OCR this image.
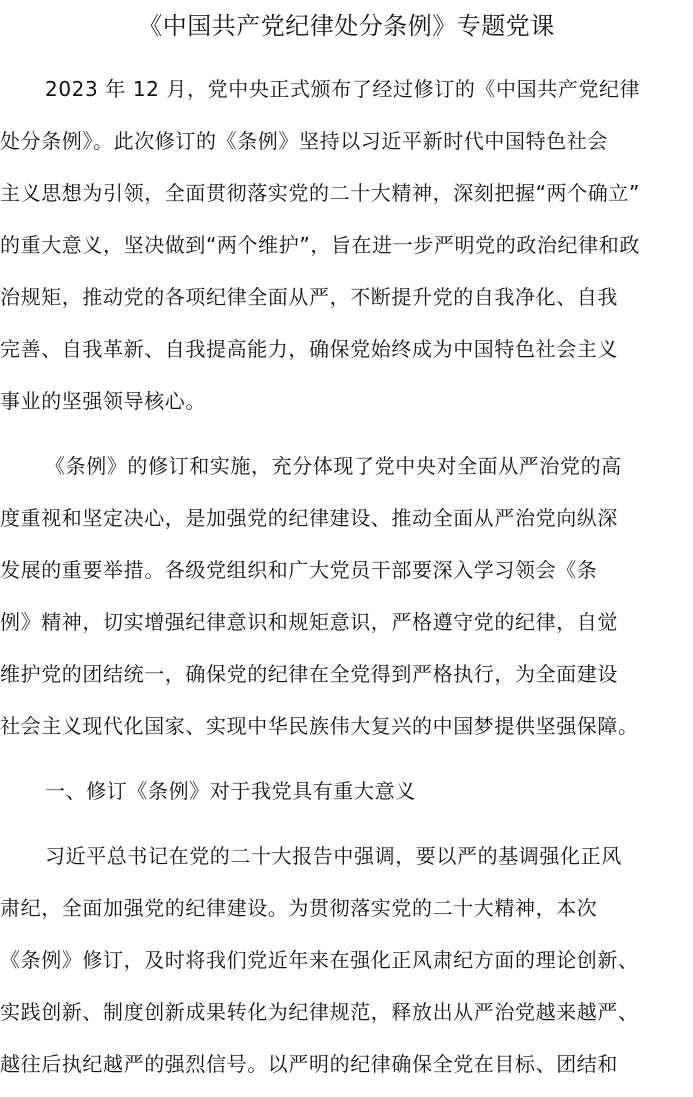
《中国共产党纪律处分条例》专题党课
2023 年 12 月，党中央正式颁布了经过修订的《中国共产党纪律
处分条例》。此次修订的《条例》坚持以习近平新时代中国特色社会
主义思想为引领，全面贯彻落实党的二十大精神，深刻把握“两个确立”
的重大意义，坚决做到“两个维护”，旨在进一步严明党的政治纪律和政
治规矩，推动党的各项纪律全面从严，不断提升党的自我净化、自我
完善、自我革新、自我提高能力，确保党始终成为中国特色社会主义
事业的坚强领导核心。
《条例》的修订和实施，充分体现了党中央对全面从严治党的高
度重视和坚定决心，是加强党的纪律建设、推动全面从严治党向纵深
发展的重要举措。各级党组织和广大党员干部要深入学习领会《条
例》精神，切实增强纪律意识和规矩意识，严格遵守党的纪律，自觉
维护党的团结统一，确保党的纪律在全党得到严格执行，为全面建设
社会主义现代化国家、实现中华民族伟大复兴的中国梦提供坚强保障。
一、修订《条例》对于我党具有重大意义
习近平总书记在党的二十大报告中强调，要以严的基调强化正风
肃纪，全面加强党的纪律建设。为贯彻落实党的二十大精神，本次
《条例》修订，及时将我们党近年来在强化正风肃纪方面的理论创新、
实践创新、制度创新成果转化为纪律规范，释放出从严治党越来越严、
越往后执纪越严的强烈信号。以严明的纪律确保全党在目标、团结和
